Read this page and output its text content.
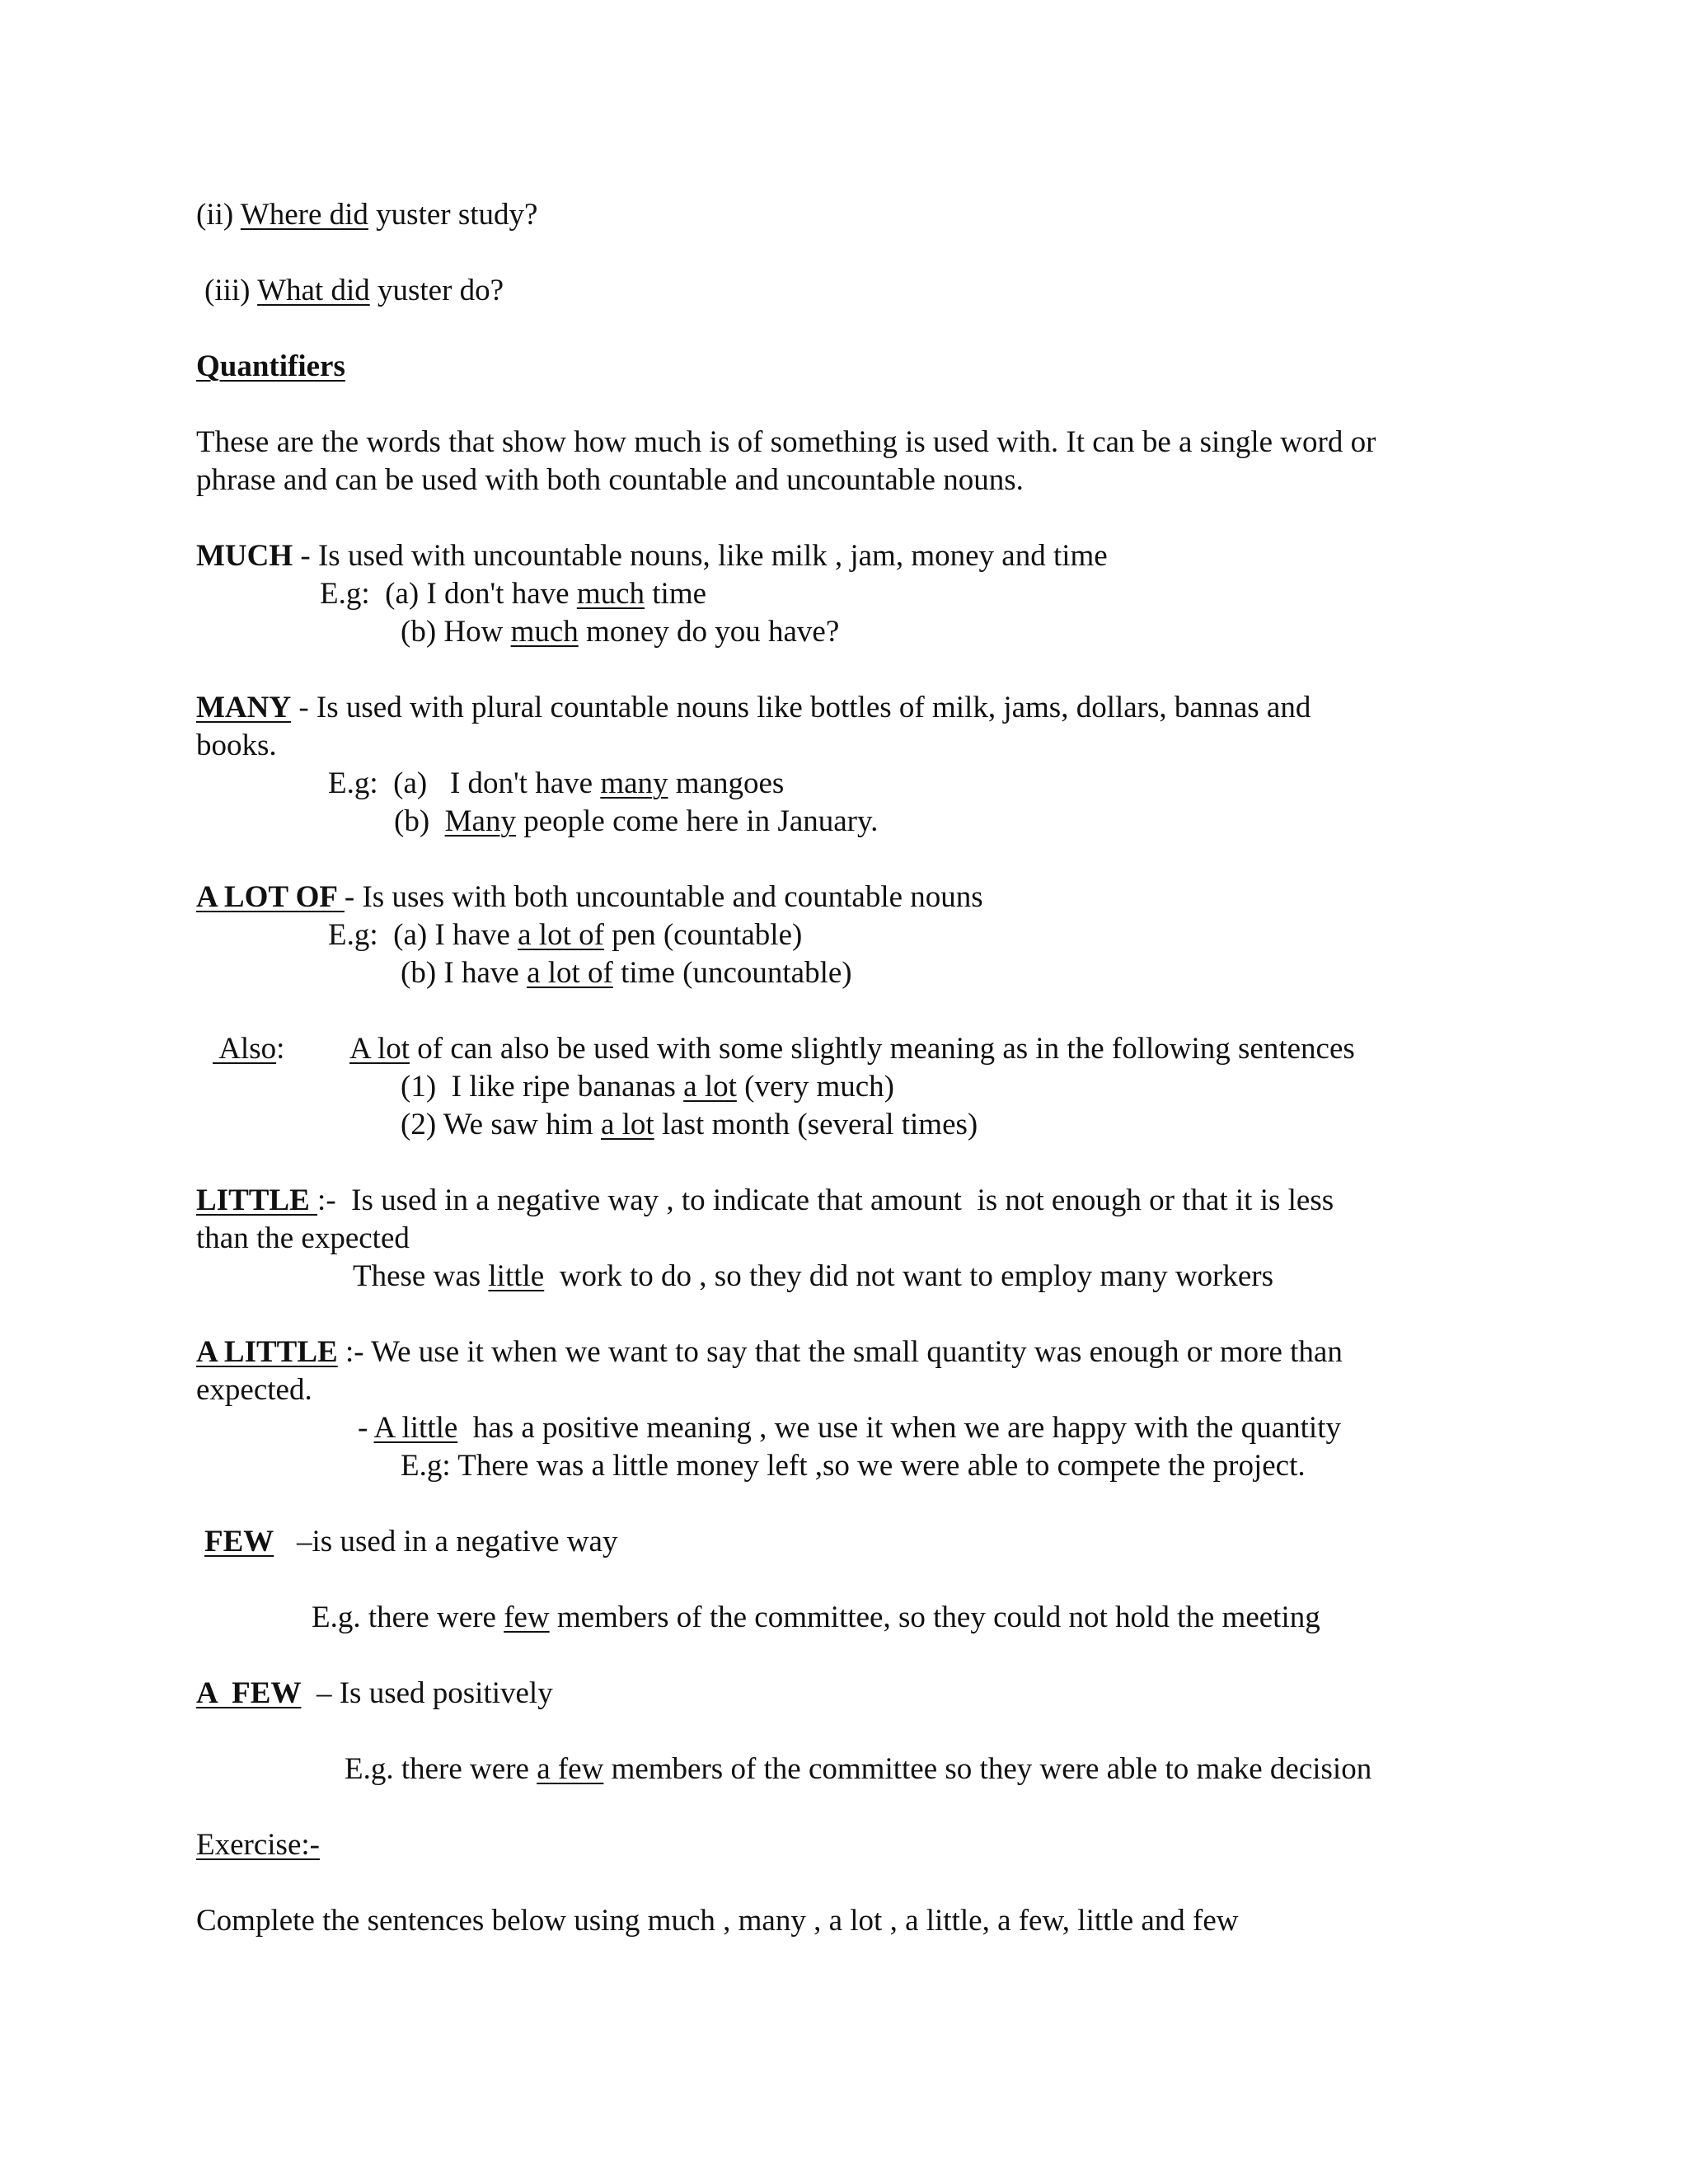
(ii) Where did yuster study?
(iii) What did yuster do?
Quantifiers
These are the words that show how much is of something is used with. It can be a single word or
phrase and can be used with both countable and uncountable nouns.
MUCH - Is used with uncountable nouns, like milk , jam, money and time
E.g:  (a) I don't have much time
(b) How much money do you have?
MANY - Is used with plural countable nouns like bottles of milk, jams, dollars, bannas and
books.
E.g:  (a)   I don't have many mangoes
(b)  Many people come here in January.
A LOT OF - Is uses with both uncountable and countable nouns
E.g:  (a) I have a lot of pen (countable)
(b) I have a lot of time (uncountable)
Also: A lot of can also be used with some slightly meaning as in the following sentences
(1)  I like ripe bananas a lot (very much)
(2) We saw him a lot last month (several times)
LITTLE :-  Is used in a negative way , to indicate that amount  is not enough or that it is less
than the expected
These was little  work to do , so they did not want to employ many workers
A LITTLE :- We use it when we want to say that the small quantity was enough or more than
expected.
- A little  has a positive meaning , we use it when we are happy with the quantity
E.g: There was a little money left ,so we were able to compete the project.
FEW   –is used in a negative way
E.g. there were few members of the committee, so they could not hold the meeting
A  FEW  – Is used positively
E.g. there were a few members of the committee so they were able to make decision
Exercise:-
Complete the sentences below using much , many , a lot , a little, a few, little and few
